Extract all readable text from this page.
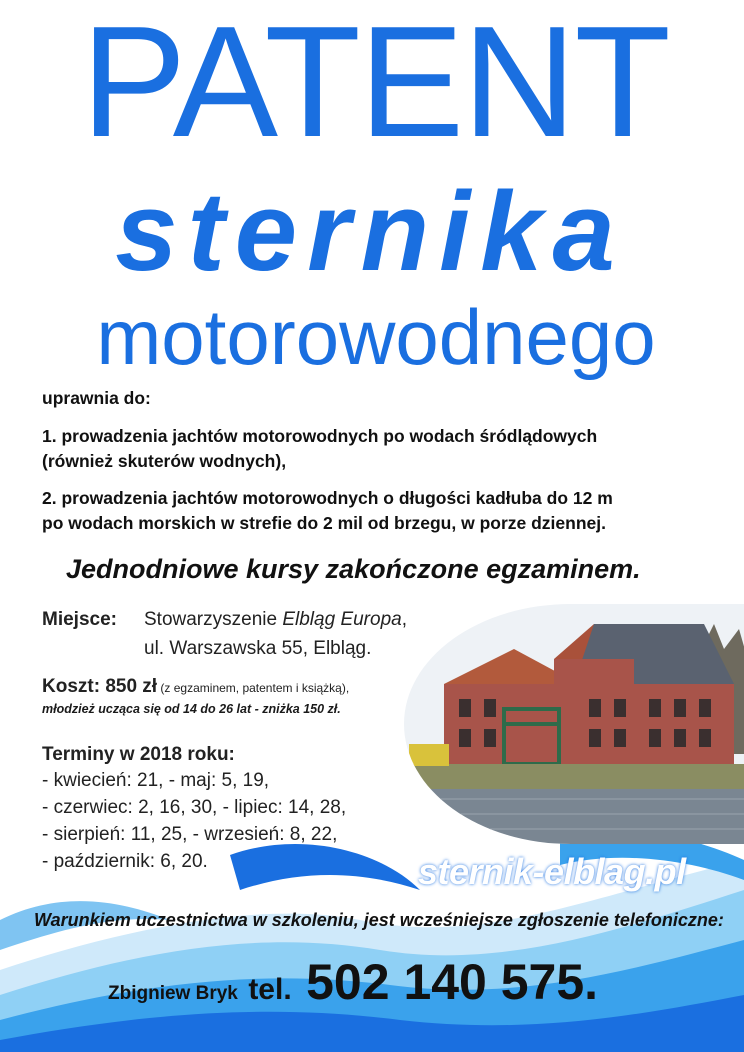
PATENT
sternika
motorowodnego
uprawnia do:
1. prowadzenia jachtów motorowodnych po wodach śródlądowych
(również skuterów wodnych),
2. prowadzenia jachtów motorowodnych o długości kadłuba do 12 m
po wodach morskich w strefie do 2 mil od brzegu, w porze dziennej.
Jednodniowe kursy zakończone egzaminem.
Miejsce: Stowarzyszenie Elbląg Europa,
ul. Warszawska 55, Elbląg.
Koszt: 850 zł (z egzaminem, patentem i książką),
młodzież ucząca się od 14 do 26 lat - zniżka 150 zł.
Terminy w 2018 roku:
- kwiecień: 21, - maj: 5, 19,
- czerwiec: 2, 16, 30, - lipiec: 14, 28,
- sierpień: 11, 25, - wrzesień: 8, 22,
- październik: 6, 20.	sternik-elblag.pl
Warunkiem uczestnictwa w szkoleniu, jest wcześniejsze zgłoszenie telefoniczne:
Zbigniew Bryk tel. 502 140 575.
